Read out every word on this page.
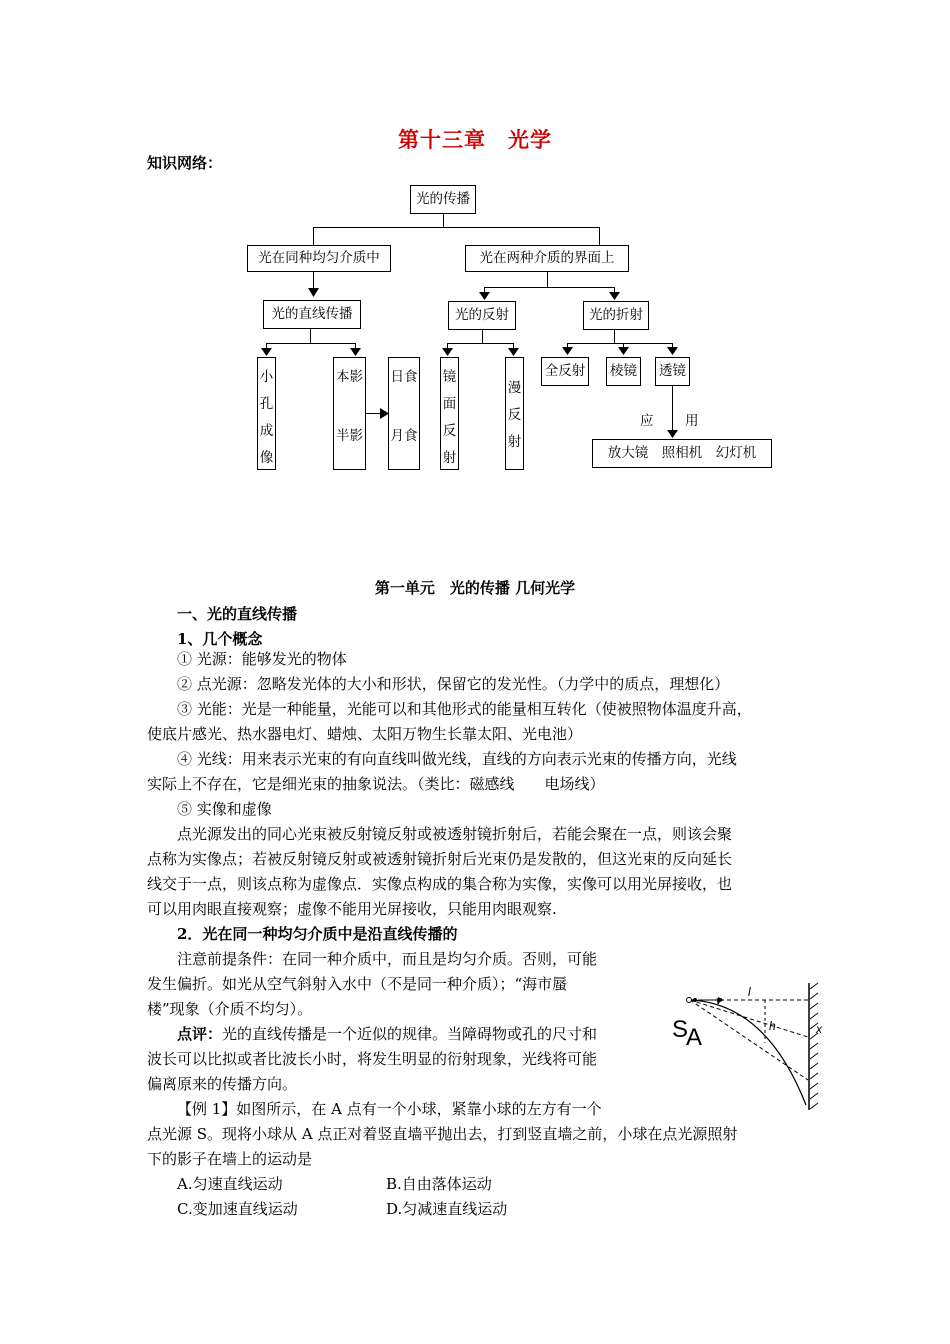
第十三章　光学
知识网络：
光的传播
光在同种均匀介质中	光在两种介质的界面上
光的直线传播	光的反射	光的折射
小
孔
成
像
本影
半影
日食
月食
镜
面
反
射
漫
反
射
全反射 棱镜 透镜
应 用
放大镜　照相机　幻灯机
第一单元　光的传播 几何光学
一、光的直线传播
1、几个概念
① 光源：能够发光的物体
② 点光源：忽略发光体的大小和形状，保留它的发光性。（力学中的质点，理想化）
③ 光能：光是一种能量，光能可以和其他形式的能量相互转化（使被照物体温度升高，
使底片感光、热水器电灯、蜡烛、太阳万物生长靠太阳、光电池）
④ 光线：用来表示光束的有向直线叫做光线，直线的方向表示光束的传播方向，光线
实际上不存在，它是细光束的抽象说法。（类比：磁感线　　电场线）
⑤ 实像和虚像
点光源发出的同心光束被反射镜反射或被透射镜折射后，若能会聚在一点，则该会聚
点称为实像点；若被反射镜反射或被透射镜折射后光束仍是发散的，但这光束的反向延长
线交于一点，则该点称为虚像点．实像点构成的集合称为实像，实像可以用光屏接收，也
可以用肉眼直接观察；虚像不能用光屏接收，只能用肉眼观察.
2．光在同一种均匀介质中是沿直线传播的
注意前提条件：在同一种介质中，而且是均匀介质。否则，可能
发生偏折。如光从空气斜射入水中（不是同一种介质）；“海市蜃
楼”现象（介质不均匀）。
点评：光的直线传播是一个近似的规律。当障碍物或孔的尺寸和
波长可以比拟或者比波长小时，将发生明显的衍射现象，光线将可能
偏离原来的传播方向。
【例 1】如图所示，在 A 点有一个小球，紧靠小球的左方有一个
点光源 S。现将小球从 A 点正对着竖直墙平抛出去，打到竖直墙之前，小球在点光源照射
下的影子在墙上的运动是
A.匀速直线运动	B.自由落体运动
C.变加速直线运动	D.匀减速直线运动
v
l
h	x
S
A
